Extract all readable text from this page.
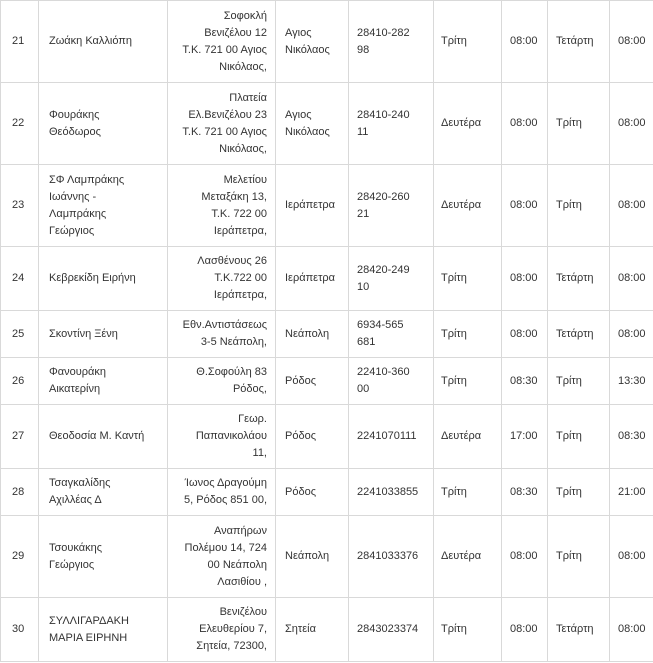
21	Ζωάκη Καλλιόπη	Σοφοκλή
Βενιζέλου 12
Τ.Κ. 721 00 Αγιος
Νικόλαος,	Αγιος
Νικόλαος	28410-282
98	Τρίτη	08:00	Τετάρτη	08:00

22	Φουράκης
Θεόδωρος	Πλατεία
Ελ.Βενιζέλου 23
Τ.Κ. 721 00 Αγιος
Νικόλαος,	Αγιος
Νικόλαος	28410-240
11	Δευτέρα	08:00	Τρίτη	08:00

23	ΣΦ Λαμπράκης
Ιωάννης -
Λαμπράκης
Γεώργιος	Μελετίου
Μεταξάκη 13,
Τ.Κ. 722 00
Ιεράπετρα,	Ιεράπετρα	28420-260
21	Δευτέρα	08:00	Τρίτη	08:00

24	Κεβρεκίδη Ειρήνη	Λασθένους 26
Τ.Κ.722 00
Ιεράπετρα,	Ιεράπετρα	28420-249
10	Τρίτη	08:00	Τετάρτη	08:00

25	Σκοντίνη Ξένη	Εθν.Αντιστάσεως
3-5 Νεάπολη,	Νεάπολη	6934-565
681	Τρίτη	08:00	Τετάρτη	08:00

26	Φανουράκη
Αικατερίνη	Θ.Σοφούλη 83
Ρόδος,	Ρόδος	22410-360
00	Τρίτη	08:30	Τρίτη	13:30

27	Θεοδοσία Μ. Καντή	Γεωρ.
Παπανικολάου
11,	Ρόδος	2241070111	Δευτέρα	17:00	Τρίτη	08:30

28	Τσαγκαλίδης
Αχιλλέας Δ	Ίωνος Δραγούμη
5, Ρόδος 851 00,	Ρόδος	2241033855	Τρίτη	08:30	Τρίτη	21:00

29	Τσουκάκης
Γεώργιος	Αναπήρων
Πολέμου 14, 724
00 Νεάπολη
Λασιθίου ,	Νεάπολη	2841033376	Δευτέρα	08:00	Τρίτη	08:00

30	ΣΥΛΛΙΓΑΡΔΑΚΗ
ΜΑΡΙΑ ΕΙΡΗΝΗ	Βενιζέλου
Ελευθερίου 7,
Σητεία, 72300,	Σητεία	2843023374	Τρίτη	08:00	Τετάρτη	08:00
